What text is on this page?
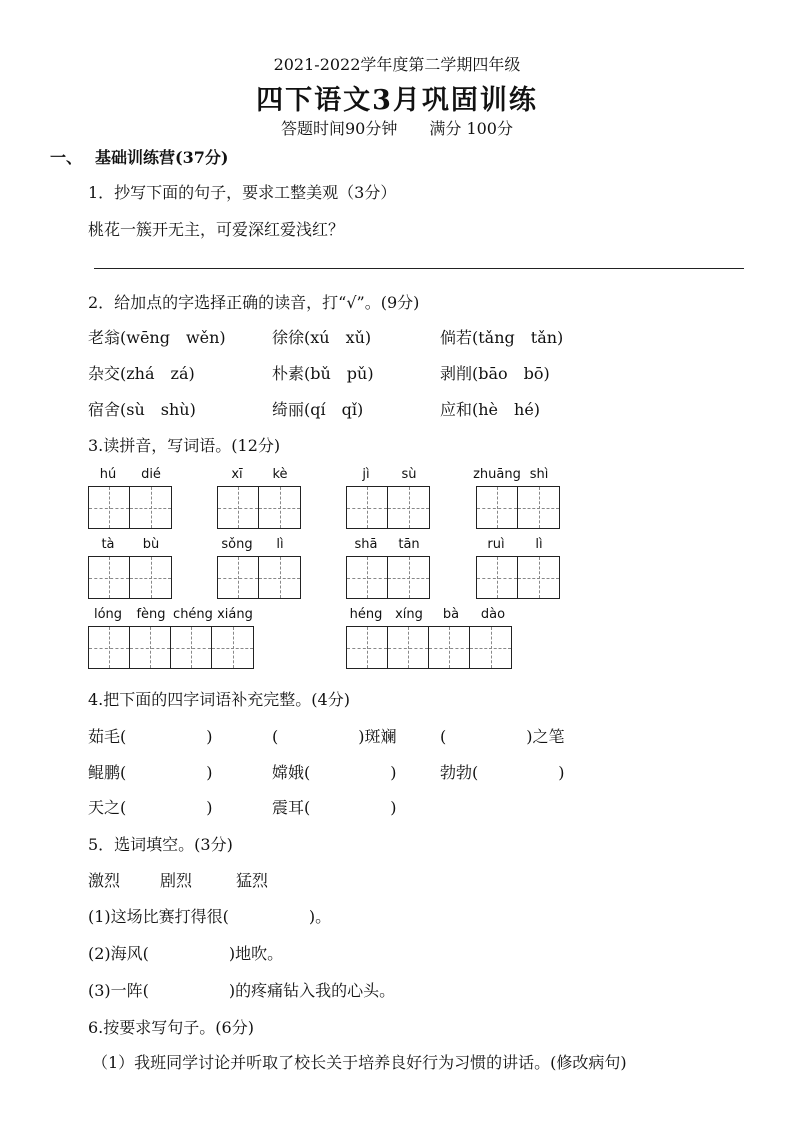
2021-2022学年度第二学期四年级
四下语文3月巩固训练
答题时间90分钟　　满分 100分
一、 基础训练营(37分)
1．抄写下面的句子，要求工整美观（3分）
桃花一簇开无主，可爱深红爱浅红？
2．给加点的字选择正确的读音，打“√”。(9分)
老翁(wēng　wěn)	徐徐(xú　xǔ)	倘若(tǎng　tǎn)
杂交(zhá　zá)	朴素(bǔ　pǔ)	剥削(bāo　bō)
宿舍(sù　shù)	绮丽(qí　qǐ)	应和(hè　hé)
3.读拼音，写词语。(12分)
hú	dié	xī	kè	jì	sù	zhuāng shì
tà	bù	sǒng	lì	shā	tān	ruì	lì
lóng	fèng chéng xiáng	héng xíng	bà	dào
4.把下面的四字词语补充完整。(4分)
茹毛(　　　　　)	(　　　　　)斑斓	(　　　　　)之笔
鲲鹏(　　　　　)	嫦娥(　　　　　)	勃勃(　　　　　)
天之(　　　　　)	震耳(　　　　　)
5．选词填空。(3分)
激烈 剧烈	猛烈
(1)这场比赛打得很(　　　　　)。
(2)海风(　　　　　)地吹。
(3)一阵(　　　　　)的疼痛钻入我的心头。
6.按要求写句子。(6分)
（1）我班同学讨论并听取了校长关于培养良好行为习惯的讲话。(修改病句)
